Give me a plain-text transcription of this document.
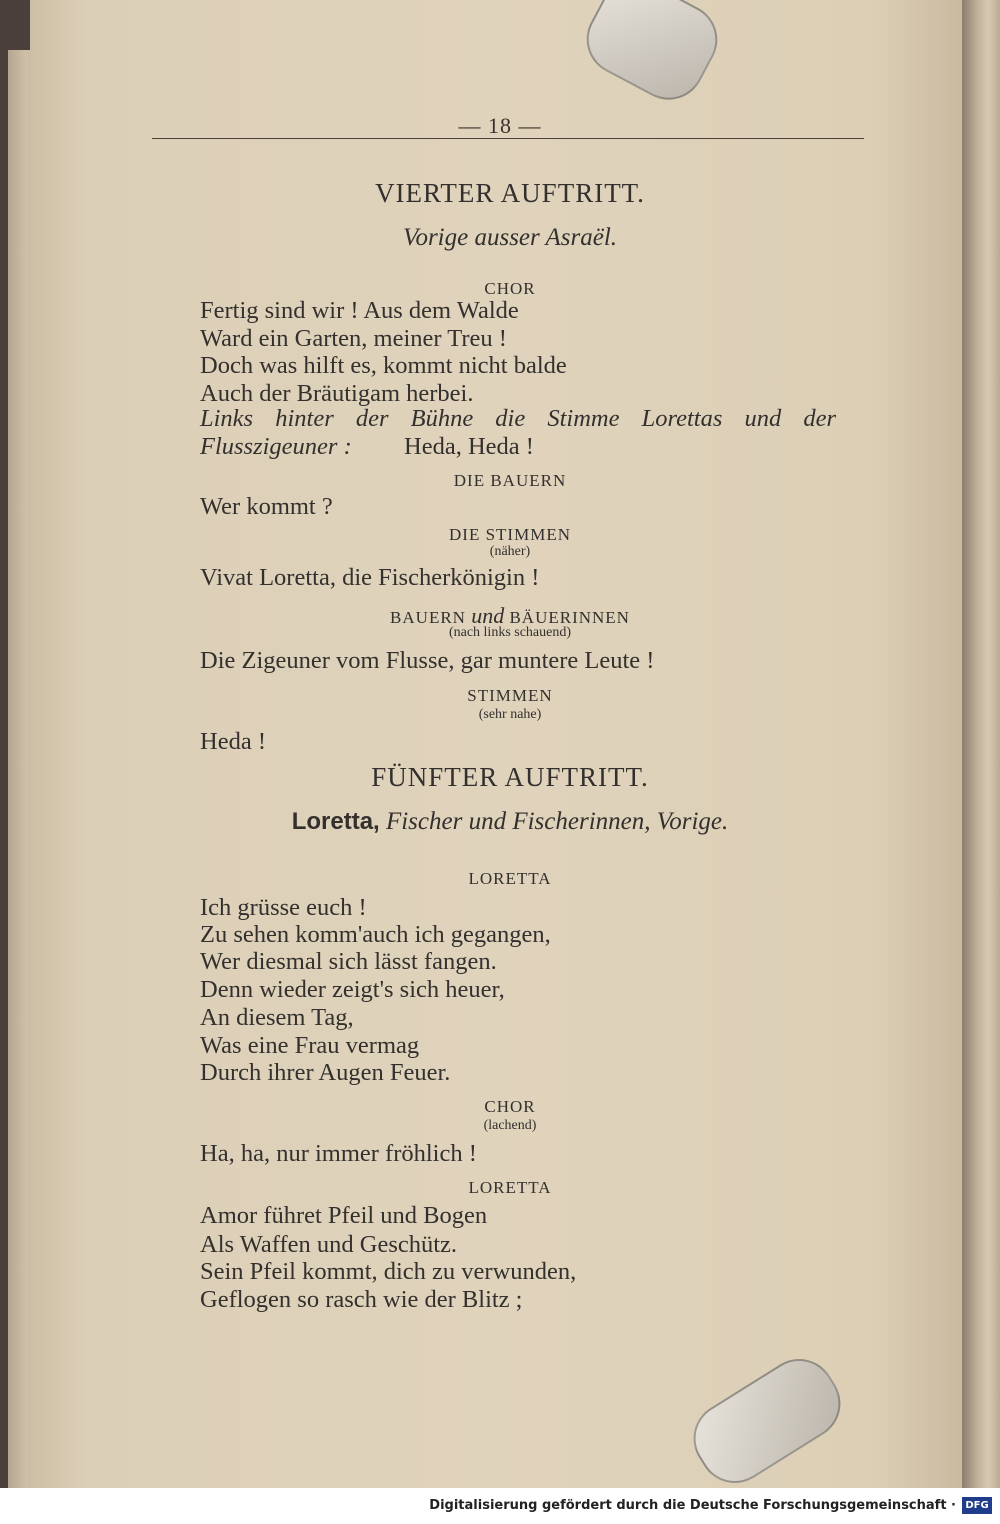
— 18 —
VIERTER AUFTRITT.
Vorige ausser Asraël.
CHOR
Fertig sind wir ! Aus dem Walde
Ward ein Garten, meiner Treu !
Doch was hilft es, kommt nicht balde
Auch der Bräutigam herbei.
Links hinter der Bühne die Stimme Lorettas und der
Flusszigeuner : Heda, Heda !
DIE BAUERN
Wer kommt ?
DIE STIMMEN
(näher)
Vivat Loretta, die Fischerkönigin !
BAUERN und BÄUERINNEN
(nach links schauend)
Die Zigeuner vom Flusse, gar muntere Leute !
STIMMEN
(sehr nahe)
Heda !
FÜNFTER AUFTRITT.
Loretta, Fischer und Fischerinnen, Vorige.
LORETTA
Ich grüsse euch !
Zu sehen komm'auch ich gegangen,
Wer diesmal sich lässt fangen.
Denn wieder zeigt's sich heuer,
An diesem Tag,
Was eine Frau vermag
Durch ihrer Augen Feuer.
CHOR
(lachend)
Ha, ha, nur immer fröhlich !
LORETTA
Amor führet Pfeil und Bogen
Als Waffen und Geschütz.
Sein Pfeil kommt, dich zu verwunden,
Geflogen so rasch wie der Blitz ;
Digitalisierung gefördert durch die Deutsche Forschungsgemeinschaft · DFG
